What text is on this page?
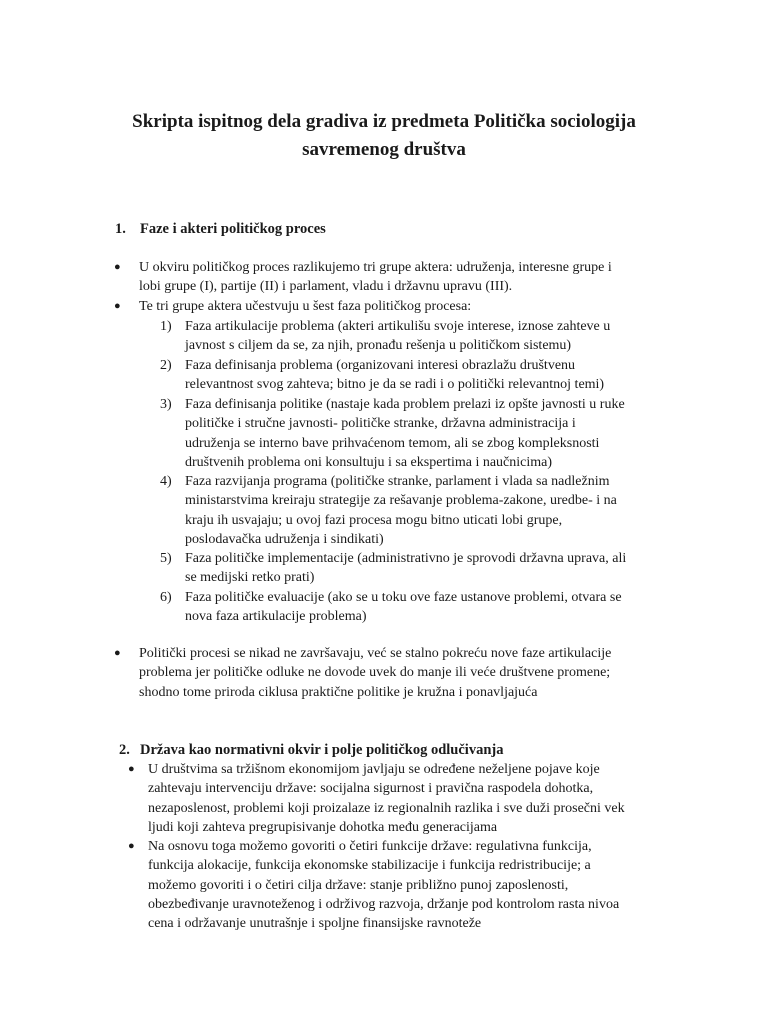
Skripta ispitnog dela gradiva iz predmeta Politička sociologija
savremenog društva
1. Faze i akteri političkog proces
● U okviru političkog proces razlikujemo tri grupe aktera: udruženja, interesne grupe i
lobi grupe (I), partije (II) i parlament, vladu i državnu upravu (III).
● Te tri grupe aktera učestvuju u šest faza političkog procesa:
1) Faza artikulacije problema (akteri artikulišu svoje interese, iznose zahteve u
javnost s ciljem da se, za njih, pronađu rešenja u političkom sistemu)
2) Faza definisanja problema (organizovani interesi obrazlažu društvenu
relevantnost svog zahteva; bitno je da se radi i o politički relevantnoj temi)
3) Faza definisanja politike (nastaje kada problem prelazi iz opšte javnosti u ruke
političke i stručne javnosti- političke stranke, državna administracija i
udruženja se interno bave prihvaćenom temom, ali se zbog kompleksnosti
društvenih problema oni konsultuju i sa ekspertima i naučnicima)
4) Faza razvijanja programa (političke stranke, parlament i vlada sa nadležnim
ministarstvima kreiraju strategije za rešavanje problema-zakone, uredbe- i na
kraju ih usvajaju; u ovoj fazi procesa mogu bitno uticati lobi grupe,
poslodavačka udruženja i sindikati)
5) Faza političke implementacije (administrativno je sprovodi državna uprava, ali
se medijski retko prati)
6) Faza političke evaluacije (ako se u toku ove faze ustanove problemi, otvara se
nova faza artikulacije problema)
● Politički procesi se nikad ne završavaju, već se stalno pokreću nove faze artikulacije
problema jer političke odluke ne dovode uvek do manje ili veće društvene promene;
shodno tome priroda ciklusa praktične politike je kružna i ponavljajuća
2. Država kao normativni okvir i polje političkog odlučivanja
● U društvima sa tržišnom ekonomijom javljaju se određene neželjene pojave koje
zahtevaju intervenciju države: socijalna sigurnost i pravična raspodela dohotka,
nezaposlenost, problemi koji proizalaze iz regionalnih razlika i sve duži prosečni vek
ljudi koji zahteva pregrupisivanje dohotka među generacijama
● Na osnovu toga možemo govoriti o četiri funkcije države: regulativna funkcija,
funkcija alokacije, funkcija ekonomske stabilizacije i funkcija redristribucije; a
možemo govoriti i o četiri cilja države: stanje približno punoj zaposlenosti,
obezbeđivanje uravnoteženog i održivog razvoja, držanje pod kontrolom rasta nivoa
cena i održavanje unutrašnje i spoljne finansijske ravnoteže
